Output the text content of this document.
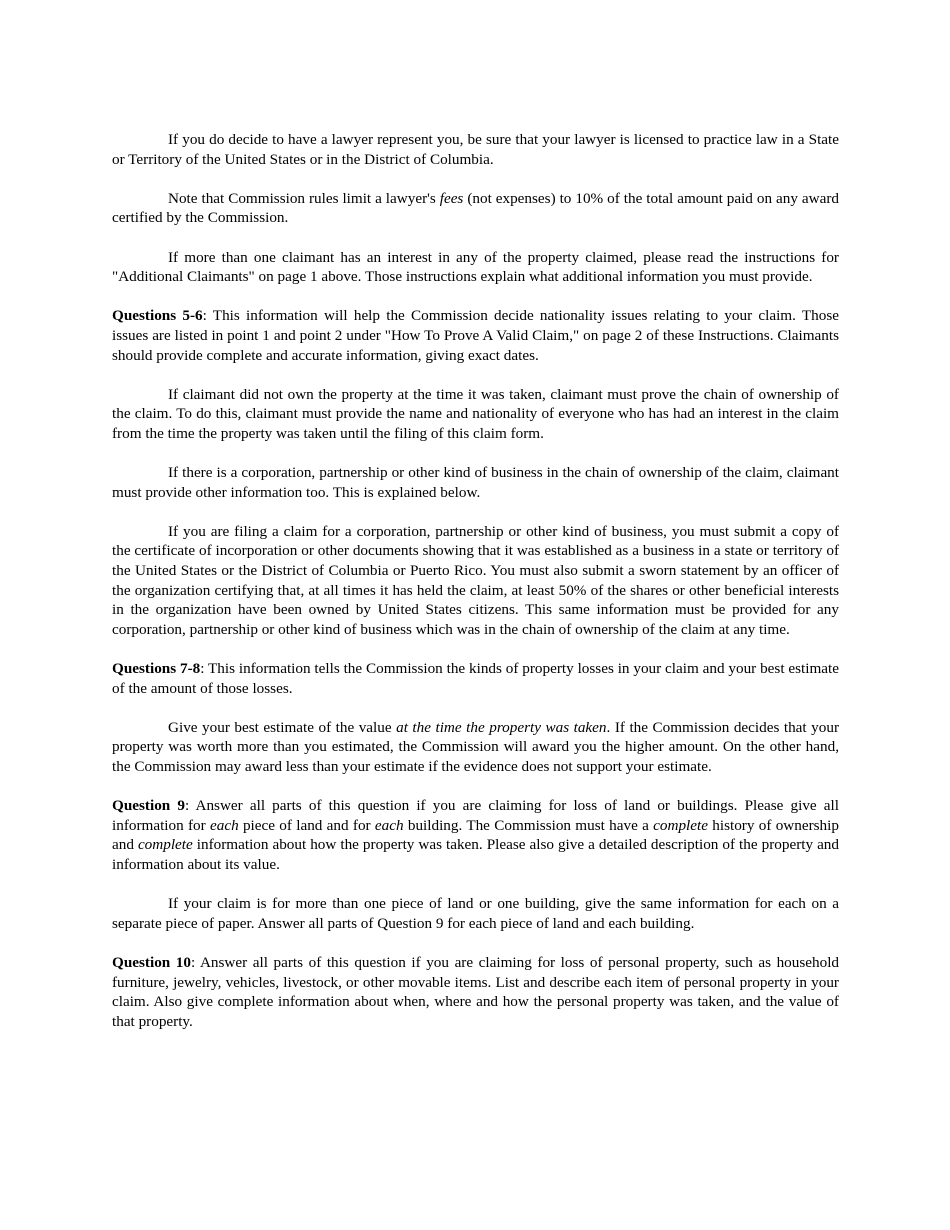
If you do decide to have a lawyer represent you, be sure that your lawyer is licensed to practice law in a State or Territory of the United States or in the District of Columbia.

Note that Commission rules limit a lawyer's fees (not expenses) to 10% of the total amount paid on any award certified by the Commission.

If more than one claimant has an interest in any of the property claimed, please read the instructions for "Additional Claimants" on page 1 above. Those instructions explain what additional information you must provide.

Questions 5-6: This information will help the Commission decide nationality issues relating to your claim. Those issues are listed in point 1 and point 2 under "How To Prove A Valid Claim," on page 2 of these Instructions. Claimants should provide complete and accurate information, giving exact dates.

If claimant did not own the property at the time it was taken, claimant must prove the chain of ownership of the claim. To do this, claimant must provide the name and nationality of everyone who has had an interest in the claim from the time the property was taken until the filing of this claim form.

If there is a corporation, partnership or other kind of business in the chain of ownership of the claim, claimant must provide other information too. This is explained below.

If you are filing a claim for a corporation, partnership or other kind of business, you must submit a copy of the certificate of incorporation or other documents showing that it was established as a business in a state or territory of the United States or the District of Columbia or Puerto Rico. You must also submit a sworn statement by an officer of the organization certifying that, at all times it has held the claim, at least 50% of the shares or other beneficial interests in the organization have been owned by United States citizens. This same information must be provided for any corporation, partnership or other kind of business which was in the chain of ownership of the claim at any time.

Questions 7-8: This information tells the Commission the kinds of property losses in your claim and your best estimate of the amount of those losses.

Give your best estimate of the value at the time the property was taken. If the Commission decides that your property was worth more than you estimated, the Commission will award you the higher amount. On the other hand, the Commission may award less than your estimate if the evidence does not support your estimate.

Question 9: Answer all parts of this question if you are claiming for loss of land or buildings. Please give all information for each piece of land and for each building. The Commission must have a complete history of ownership and complete information about how the property was taken. Please also give a detailed description of the property and information about its value.

If your claim is for more than one piece of land or one building, give the same information for each on a separate piece of paper. Answer all parts of Question 9 for each piece of land and each building.

Question 10: Answer all parts of this question if you are claiming for loss of personal property, such as household furniture, jewelry, vehicles, livestock, or other movable items. List and describe each item of personal property in your claim. Also give complete information about when, where and how the personal property was taken, and the value of that property.
